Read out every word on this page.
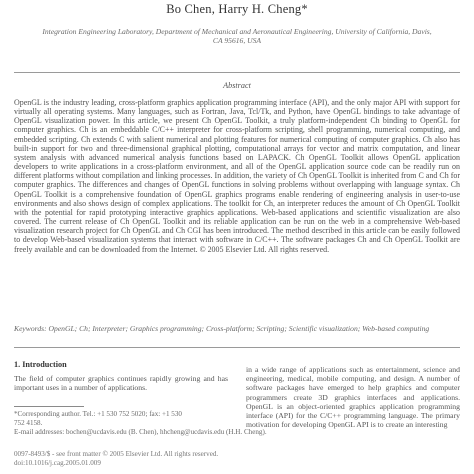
Bo Chen, Harry H. Cheng*
Integration Engineering Laboratory, Department of Mechanical and Aeronautical Engineering, University of California, Davis, CA 95616, USA
Abstract
OpenGL is the industry leading, cross-platform graphics application programming interface (API), and the only major API with support for virtually all operating systems. Many languages, such as Fortran, Java, Tcl/Tk, and Python, have OpenGL bindings to take advantage of OpenGL visualization power. In this article, we present Ch OpenGL Toolkit, a truly platform-independent Ch binding to OpenGL for computer graphics. Ch is an embeddable C/C++ interpreter for cross-platform scripting, shell programming, numerical computing, and embedded scripting. Ch extends C with salient numerical and plotting features for numerical computing of computer graphics. Ch also has built-in support for two and three-dimensional graphical plotting, computational arrays for vector and matrix computation, and linear system analysis with advanced numerical analysis functions based on LAPACK. Ch OpenGL Toolkit allows OpenGL application developers to write applications in a cross-platform environment, and all of the OpenGL application source code can be readily run on different platforms without compilation and linking processes. In addition, the variety of Ch OpenGL Toolkit is inherited from C and Ch for computer graphics. The differences and changes of OpenGL functions in solving problems without overlapping with language syntax. Ch OpenGL Toolkit is a comprehensive foundation of OpenGL graphics programs enable rendering of engineering analysis in user-to-use environments and also shows design of complex applications. The toolkit for Ch, an interpreter reduces the amount of Ch OpenGL Toolkit with the potential for rapid prototyping interactive graphics applications. Web-based applications and scientific visualization are also covered. The current release of Ch OpenGL Toolkit and its reliable application can be run on the web in a comprehensive Web-based visualization research project for Ch OpenGL and Ch CGI has been introduced. The method described in this article can be easily followed to develop Web-based visualization systems that interact with software in C/C++. The software packages Ch and Ch OpenGL Toolkit are freely available and can be downloaded from the Internet. © 2005 Elsevier Ltd. All rights reserved.
Keywords: OpenGL; Ch; Interpreter; Graphics programming; Cross-platform; Scripting; Scientific visualization; Web-based computing
1. Introduction
The field of computer graphics continues rapidly growing and has important uses in a number of applications.
in a wide range of applications such as entertainment, science and engineering, medical, mobile computing, and design. A number of software packages have emerged to help graphics and computer programmers create 3D graphics interfaces and applications. OpenGL is an object-oriented graphics application programming interface (API) for the C/C++ programming language. The primary motivation for developing OpenGL API is to create an interesting
*Corresponding author. Tel.: +1 530 752 5020; fax: +1 530
752 4158.
E-mail addresses: bochen@ucdavis.edu (B. Chen), hhcheng@ucdavis.edu (H.H. Cheng).
0097-8493/$ - see front matter © 2005 Elsevier Ltd. All rights reserved.
doi:10.1016/j.cag.2005.01.009
